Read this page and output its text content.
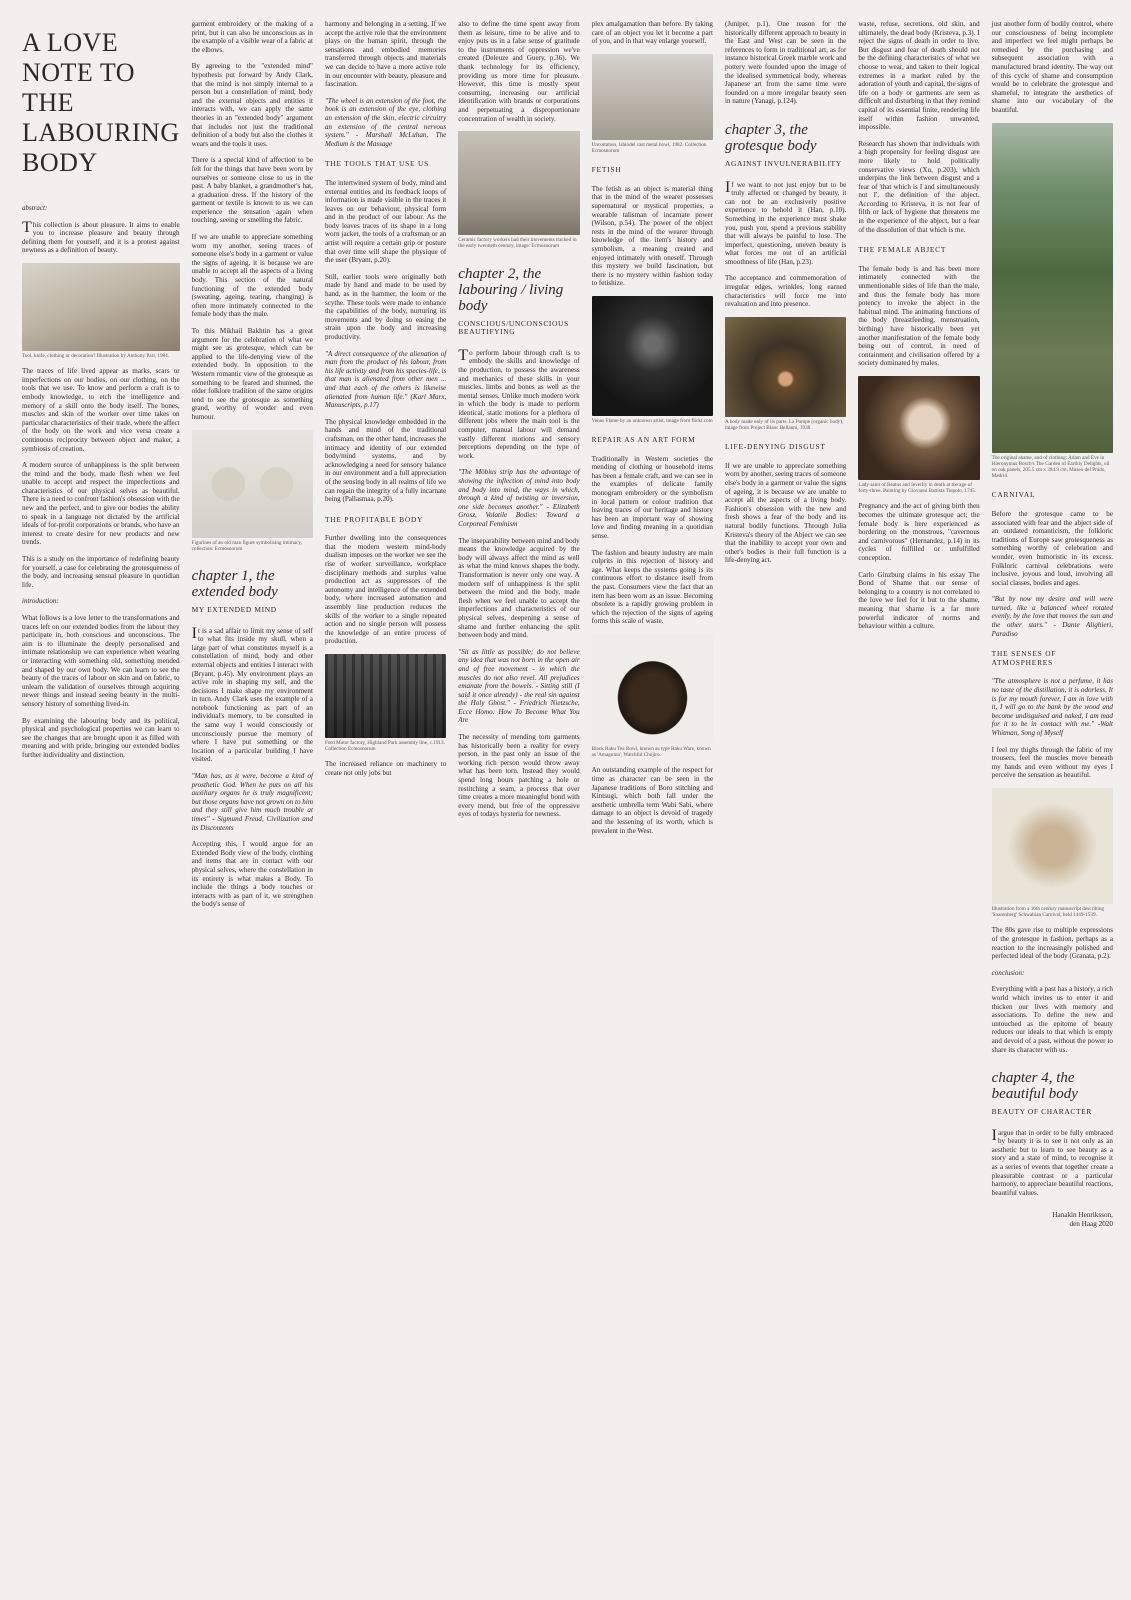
A LOVE NOTE TO THE LABOURING BODY
abstract:

This collection is about pleasure. It aims to enable you to increase pleasure and beauty through defining them for yourself, and it is a protest against newness as a definition of beauty.

Tool, knife, clothing or decoration? Illustration by Anthony Pari, 1984.

The traces of life lived appear as marks, scars or imperfections on our bodies, on our clothing, on the tools that we use. To know and perform a craft is to embody knowledge, to etch the intelligence and memory of a skill onto the body itself. The bones, muscles and skin of the worker over time takes on particular characteristics of their trade, where the affect of the body on the work and vice versa create a continuous reciprocity between object and maker, a symbiosis of creation.

A modern source of unhappiness is the split between the mind and the body, made flesh when we feel unable to accept and respect the imperfections and characteristics of our physical selves as beautiful. There is a need to confront fashion's obsession with the new and the perfect, and to give our bodies the ability to speak in a language not dictated by the artificial ideals of for-profit corporations or brands, who have an interest to create desire for new products and new trends.

This is a study on the importance of redefining beauty for yourself, a case for celebrating the grotesqueness of the body, and increasing sensual pleasure in quotidian life.

introduction:

What follows is a love letter to the transformations and traces left on our extended bodies from the labour they participate in, both conscious and unconscious. The aim is to illuminate the deeply personalised and intimate relationship we can experience when wearing or interacting with something old, something mended and shaped by our own body. We can learn to see the beauty of the traces of labour on skin and on fabric, to unlearn the validation of ourselves through acquiring newer things and instead seeing beauty in the multi-sensory history of something lived-in.

By examining the labouring body and its political, physical and psychological properties we can learn to see the changes that are brought upon it as filled with meaning and with pride, bringing our extended bodies further individuality and distinction.

garment embroidery or the making of a print, but it can also be unconscious as in the example of a visible wear of a fabric at the elbows.

By agreeing to the "extended mind" hypothesis put forward by Andy Clark, that the mind is not simply internal to a person but a constellation of mind, body and the external objects and entities it interacts with, we can apply the same theories in an "extended body" argument that includes not just the traditional definition of a body but also the clothes it wears and the tools it uses.

There is a special kind of affection to be felt for the things that have been worn by ourselves or someone close to us in the past. A baby blanket, a grandmother's hat, a graduation dress. If the history of the garment or textile is known to us we can experience the sensation again when touching, seeing or smelling the fabric.

If we are unable to appreciate something worn my another, seeing traces of someone else's body in a garment or value the signs of ageing, it is because we are unable to accept all the aspects of a living body. This section of the natural functioning of the extended body (sweating, ageing, tearing, changing) is often more intimately connected to the female body than the male.

To this Mikhail Bakhtin has a great argument for the celebration of what we might see as grotesque, which can be applied to the life-denying view of the extended body. In opposition to the Western romantic view of the grotesque as something to be feared and shunned, the older folklore tradition of the same origins tend to see the grotesque as something grand, worthy of wonder and even humour.

Figurines of an old man figure symbolising intimacy, collection: Ecmosnorum
chapter 1, the extended body
MY EXTENDED MIND

It is a sad affair to limit my sense of self to what fits inside my skull, when a large part of what constitutes myself is a constellation of mind, body and other external objects and entities I interact with (Bryant, p.45). My environment plays an active role in shaping my self, and the decisions I make shape my environment in turn. Andy Clark uses the example of a notebook functioning as part of an individual's memory, to be consulted in the same way I would consciously or unconsciously pursue the memory of where I have put something or the location of a particular building I have visited.

"Man has, as it were, become a kind of prosthetic God. When he puts on all his auxiliary organs he is truly magnificent; but those organs have not grown on to him and they still give him much trouble at times" - Sigmund Freud, Civilization and its Discontents

Accepting this, I would argue for an Extended Body view of the body, clothing and items that are in contact with our physical selves, where the constellation in its entirety is what makes a Body. To include the things a body touches or interacts with as part of it, we strengthen the body's sense of

harmony and belonging in a setting. If we accept the active role that the environment plays on the human spirit, through the sensations and embodied memories transferred through objects and materials we can decide to have a more active role in our encounter with beauty, pleasure and fascination.

"The wheel is an extension of the foot, the book is an extension of the eye, clothing an extension of the skin, electric circuitry an extension of the central nervous system." - Marshall McLuhan, The Medium is the Massage

THE TOOLS THAT USE US

The intertwined system of body, mind and external entities and its feedback loops of information is made visible in the traces it leaves on our behaviour, physical form and in the product of our labour. As the body leaves traces of its shape in a long worn jacket, the tools of a craftsman or an artist will require a certain grip or posture that over time will shape the physique of the user (Bryant, p.20).

Still, earlier tools were originally both made by hand and made to be used by hand, as in the hammer, the loom or the scythe. These tools were made to enhance the capabilities of the body, nurturing its movements and by doing so easing the strain upon the body and increasing productivity.

"A direct consequence of the alienation of man from the product of his labour, from his life activity and from his species-life, is that man is alienated from other men ... and that each of the others is likewise alienated from human life." (Karl Marx, Manuscripts, p.17)

The physical knowledge embedded in the hands and mind of the traditional craftsman, on the other hand, increases the intimacy and identity of our extended body/mind systems, and by acknowledging a need for sensory balance in our environment and a full appreciation of the sensing body in all realms of life we can regain the integrity of a fully incarnate being (Pallasmaa, p.20).

THE PROFITABLE BODY

Further dwelling into the consequences that the modern western mind-body dualism imposes on the worker we see the rise of worker surveillance, workplace disciplinary methods and surplus value production act as suppressors of the autonomy and intelligence of the extended body, where increased automation and assembly line production reduces the skills of the worker to a single repeated action and no single person will possess the knowledge of an entire process of production.

Ford Motor factory, Highland Park assembly line, c.1913. Collection Ecmosnorum

The increased reliance on machinery to create not only jobs but

also to define the time spent away from them as leisure, time to be alive and to enjoy puts us in a false sense of gratitude to the instruments of oppression we've created (Deleuze and Guery, p.36). We thank technology for its efficiency, providing us more time for pleasure. However, this time is mostly spent consuming, increasing our artificial identification with brands or corporations and perpetuating a disproportionate concentration of wealth in society.

Ceramic factory workers had their movements tracked in the early twentieth century, image: Ecmosnorum
chapter 2, the labouring / living body
CONSCIOUS/UNCONSCIOUS BEAUTIFYING

To perform labour through craft is to embody the skills and knowledge of the production, to possess the awareness and mechanics of these skills in your muscles, limbs and bones as well as the mental senses. Unlike much modern work in which the body is made to perform identical, static motions for a plethora of different jobs where the main tool is the computer, manual labour will demand vastly different motions and sensory perceptions depending on the type of work.

"The Möbius strip has the advantage of showing the inflection of mind into body and body into mind, the ways in which, through a kind of twisting or inversion, one side becomes another." - Elizabeth Grosz, Volatile Bodies: Toward a Corporeal Feminism

The inseparability between mind and body means the knowledge acquired by the body will always affect the mind as well as what the mind knows shapes the body. Transformation is never only one way. A modern self of unhappiness is the split between the mind and the body, made flesh when we feel unable to accept the imperfections and characteristics of our physical selves, deepening a sense of shame and further enhancing the split between body and mind.

"Sit as little as possible; do not believe any idea that was not born in the open air and of free movement - in which the muscles do not also revel. All prejudices emanate from the bowels. - Sitting still (I said it once already) - the real sin against the Holy Ghost." - Friedrich Nietzsche, Ecce Homo: How To Become What You Are

The necessity of mending torn garments has historically been a reality for every person, in the past only an issue of the working rich person would throw away what has been torn. Instead they would spend long hours patching a hole or restitching a seam, a process that over time creates a more meaningful bond with every mend, but free of the oppressive eyes of todays hysteria for newness.

plex amalgamation than before. By taking care of an object you let it become a part of you, and in that way enlarge yourself.

Uncommon, Ishiodel cast metal bowl, 1982. Collection Ecmosnorum
FETISH

The fetish as an object is material thing that in the mind of the wearer possesses supernatural or mystical properties, a wearable talisman of incarnate power (Wilson, p.54). The power of the object rests in the mind of the wearer through knowledge of the item's history and symbolism, a meaning created and enjoyed intimately with oneself. Through this mystery we build fascination, but there is no mystery within fashion today to fetishize.

Venus Flame by an unknown artist, image from flickr.com
REPAIR AS AN ART FORM

Traditionally in Western societies the mending of clothing or household items has been a female craft, and we can see in the examples of delicate family monogram embroidery or the symbolism in local pattern or colour tradition that leaving traces of our heritage and history has been an important way of showing love and finding meaning in a quotidian sense.

The fashion and beauty industry are main culprits in this rejection of history and age. What keeps the systems going is its continuous effort to distance itself from the past. Consumers view the fact that an item has been worn as an issue. Becoming obsolete is a rapidly growing problem in which the rejection of the signs of ageing forms this scale of waste.

Black Raku Tea Bowl, known as type Raku Ware, known as 'Amagumo', Watchful Chojiro.

An outstanding example of the respect for time as character can be seen in the Japanese traditions of Boro stitching and Kintsugi, which both fall under the aesthetic umbrella term Wabi Sabi, where damage to an object is devoid of tragedy and the lessening of its worth, which is prevalent in the West.

(Juniper, p.1). One reason for the historically different approach to beauty in the East and West can be seen in the references to form in traditional art, as for instance historical Greek marble work and pottery were founded upon the image of the idealised symmetrical body, whereas Japanese art from the same time were founded on a more irregular beauty seen in nature (Yanagi, p.124).

chapter 3, the grotesque body
AGAINST INVULNERABILITY

If we want to not just enjoy but to be truly affected or changed by beauty, it can not be an exclusively positive experience to behold it (Han, p.10). Something in the experience must shake you, push you, spend a previous stability that will always be painful to lose. The imperfect, questioning, uneven beauty is what forces me out of an artificial smoothness of life (Han, p.23).

The acceptance and commemoration of irregular edges, wrinkles, long earned characteristics will force me into revaluation and into presence.

A body made only of its parts. La Pompe (organic body), image from Project Blanc Bellanni, 1938.
LIFE-DENYING DISGUST

If we are unable to appreciate something worn by another, seeing traces of someone else's body in a garment or value the signs of ageing, it is because we are unable to accept all the aspects of a living body. Fashion's obsession with the new and fresh shows a fear of the body and its natural bodily functions. Through Julia Kristeva's theory of the Abject we can see that the inability to accept your own and other's bodies is their full function is a life-denying act.

waste, refuse, secretions, old skin, and ultimately, the dead body (Kristeva, p.3). I reject the signs of death in order to live. But disgust and fear of death should not be the defining characteristics of what we choose to wear, and taken to their logical extremes in a market ruled by the adoration of youth and capital, the signs of life on a body or garments are seen as difficult and disturbing in that they remind capital of its essential finite, rendering life itself within fashion unwanted, impossible.

Research has shown that individuals with a high propensity for feeling disgust are more likely to hold politically conservative views (Xu, p.203), which underpins the link between disgust and a fear of 'that which is I and simultaneously not I', the definition of the abject. According to Kristeva, it is not fear of filth or lack of hygiene that threatens me in the experience of the abject, but a fear of the dissolution of that which is me.

THE FEMALE ABJECT

The female body is and has been more intimately connected with the unmentionable sides of life than the male, and thus the female body has more potency to invoke the abject in the habitual mind. The animating functions of the body (breastfeeding, menstruation, birthing) have historically been yet another manifestation of the female body being out of control, in need of containment and civilisation offered by a society dominated by males.

Lady saint of Beatus and Ieverlly in death at the age of forty-three. Painting by Giovanni Battista Tiepolo, 1745.

Pregnancy and the act of giving birth then becomes the ultimate grotesque act; the female body is here experienced as bordering on the monstrous, "cavernous and carnivorous" (Hernandez, p.14) in its cycles of fulfilled or unfulfilled conception.

Carlo Ginzburg claims in his essay The Bond of Shame that our sense of belonging to a country is not correlated to the love we feel for it but to the shame, meaning that shame is a far more powerful indicator of norms and behaviour within a culture.

just another form of bodily control, where our consciousness of being incomplete and imperfect we feel might perhaps be remedied by the purchasing and subsequent association with a manufactured brand identity. The way out of this cycle of shame and consumption would be to celebrate the grotesque and shameful, to integrate the aesthetics of shame into our vocabulary of the beautiful.

The original shame, and of clothing: Adam and Eve in Hieronymus Bosch's The Garden of Earthly Delights, oil on oak panels, 205.5 cm x 384.9 cm, Museo del Prado, Madrid.
CARNIVAL

Before the grotesque came to be associated with fear and the abject side of an outdated romanticism, the folkloric traditions of Europe saw grotesqueness as something worthy of celebration and wonder, even humoristic in its excess. Folkloric carnival celebrations were inclusive, joyous and loud, involving all social classes, bodies and ages.

"But by now my desire and will were turned, like a balanced wheel rotated evenly, by the love that moves the sun and the other stars." - Dante Alighieri, Paradiso

THE SENSES OF ATMOSPHERES

"The atmosphere is not a perfume, it has no taste of the distillation, it is odorless, It is for my mouth forever, I am in love with it, I will go to the bank by the wood and become undisguised and naked, I am mad for it to be in contact with me." -Walt Whitman, Song of Myself

I feel my thighs through the fabric of my trousers, feel the muscles move beneath my hands and even without my eyes I perceive the sensation as beautiful.

Illustration from a 16th century manuscript describing 'Snarenberg' Schwabian Carnival, held 1449-1539.

The 80s gave rise to multiple expressions of the grotesque in fashion, perhaps as a reaction to the increasingly polished and perfected ideal of the body (Granata, p.2).

conclusion:

Everything with a past has a history, a rich world which invites us to enter it and thicken our lives with memory and associations. To define the new and untouched as the epitome of beauty reduces our ideals to that which is empty and devoid of a past, without the power to share its character with us.

chapter 4, the beautiful body
BEAUTY OF CHARACTER

Iargue that in order to be fully embraced by beauty it is to see it not only as an aesthetic but to learn to see beauty as a story and a state of mind, to recognise it as a series of events that together create a pleasurable contrast or a particular harmony, to appreciate beautiful reactions, beautiful values.

Hanakin Henriksson,
den Haag 2020
